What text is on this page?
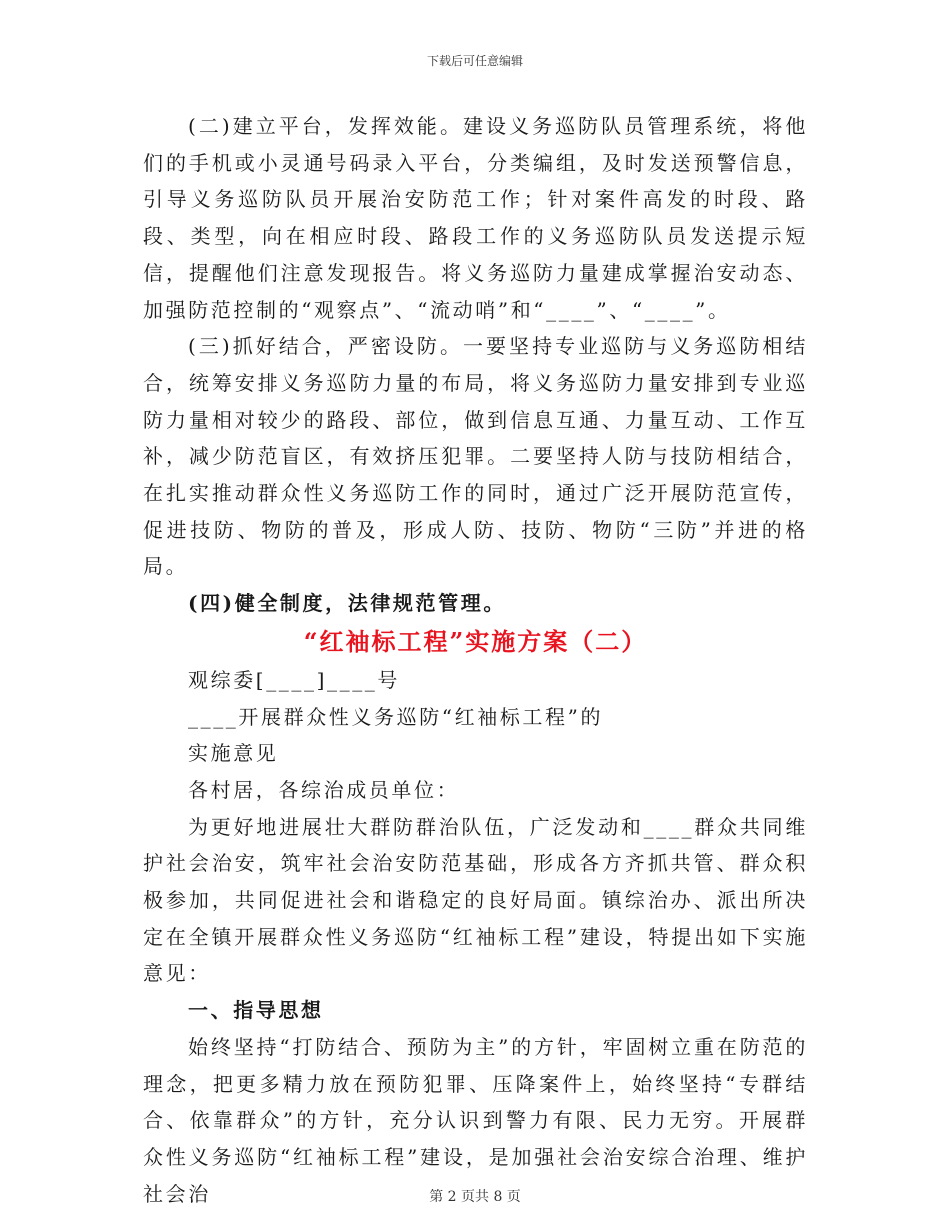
下载后可任意编辑

(二)建立平台，发挥效能。建设义务巡防队员管理系统，将他们的手机或小灵通号码录入平台，分类编组，及时发送预警信息，引导义务巡防队员开展治安防范工作；针对案件高发的时段、路段、类型，向在相应时段、路段工作的义务巡防队员发送提示短信，提醒他们注意发现报告。将义务巡防力量建成掌握治安动态、加强防范控制的“观察点”、“流动哨”和“____”、“____”。

(三)抓好结合，严密设防。一要坚持专业巡防与义务巡防相结合，统筹安排义务巡防力量的布局，将义务巡防力量安排到专业巡防力量相对较少的路段、部位，做到信息互通、力量互动、工作互补，减少防范盲区，有效挤压犯罪。二要坚持人防与技防相结合，在扎实推动群众性义务巡防工作的同时，通过广泛开展防范宣传，促进技防、物防的普及，形成人防、技防、物防“三防”并进的格局。

(四)健全制度，法律规范管理。

“红袖标工程”实施方案（二）

观综委[____]____号

____开展群众性义务巡防“红袖标工程”的

实施意见

各村居，各综治成员单位：

为更好地进展壮大群防群治队伍，广泛发动和____群众共同维护社会治安，筑牢社会治安防范基础，形成各方齐抓共管、群众积极参加，共同促进社会和谐稳定的良好局面。镇综治办、派出所决定在全镇开展群众性义务巡防“红袖标工程”建设，特提出如下实施意见：

一、指导思想

始终坚持“打防结合、预防为主”的方针，牢固树立重在防范的理念，把更多精力放在预防犯罪、压降案件上，始终坚持“专群结合、依靠群众”的方针，充分认识到警力有限、民力无穷。开展群众性义务巡防“红袖标工程”建设，是加强社会治安综合治理、维护社会治	第 2 页共 8 页
